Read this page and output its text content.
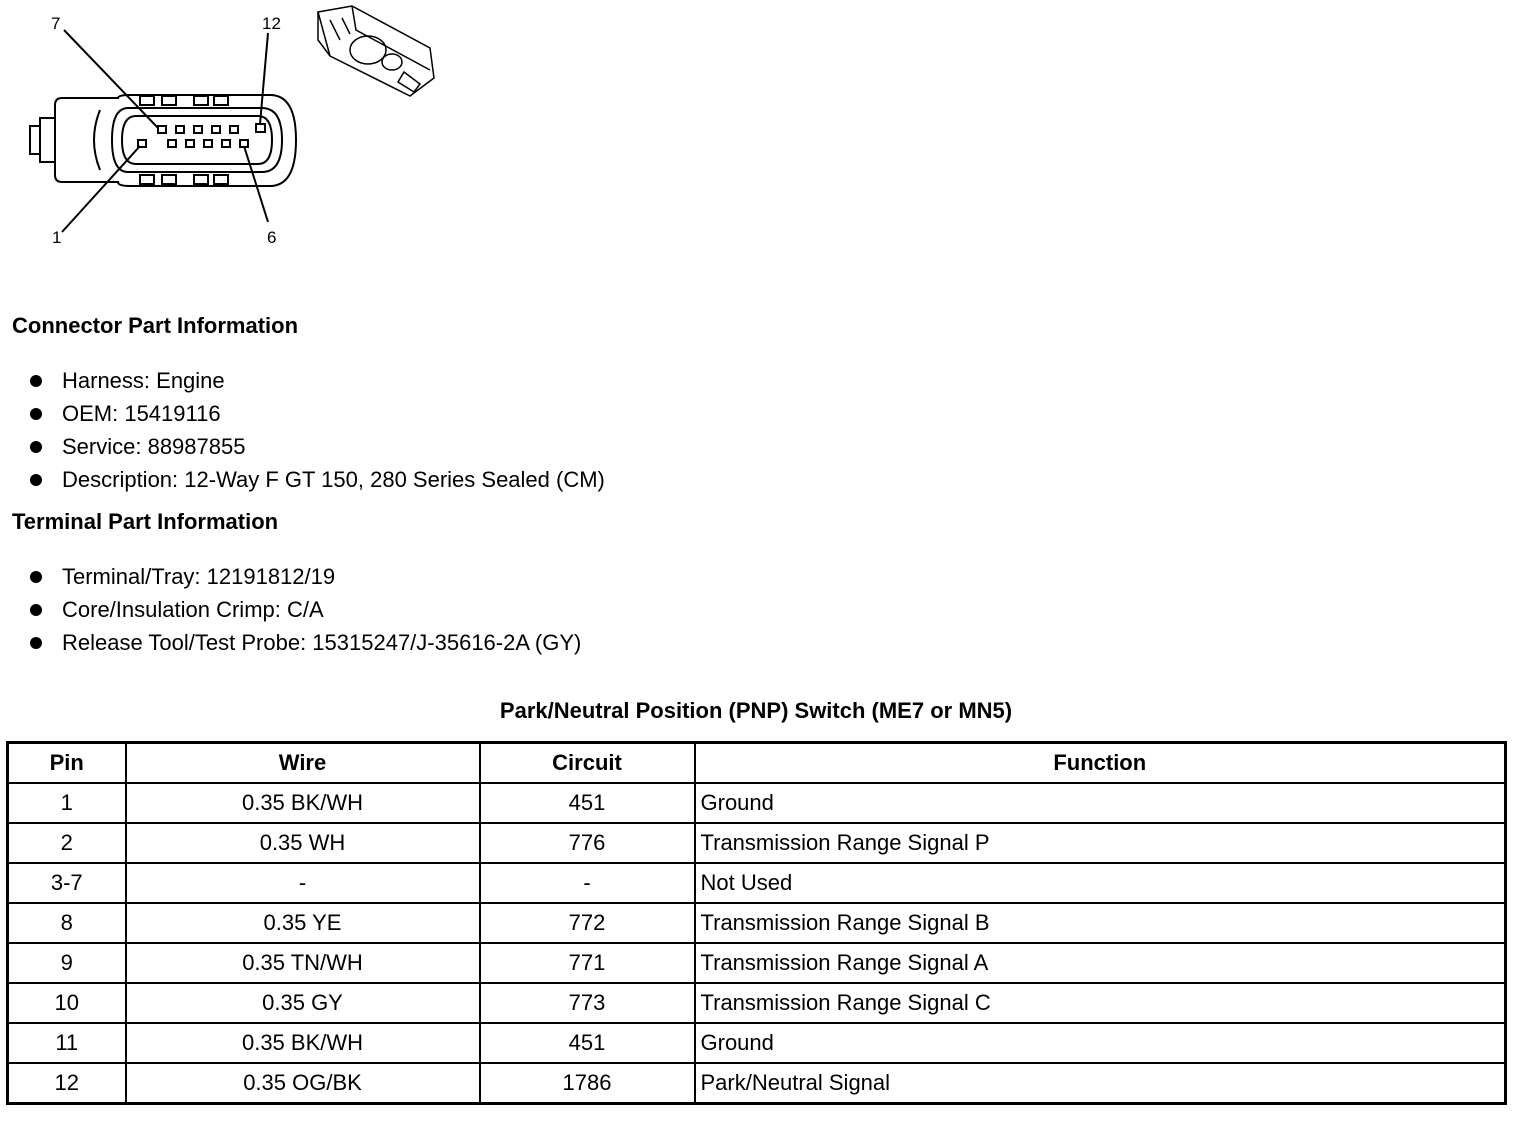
7	12
1	6
Connector Part Information
Harness: Engine
OEM: 15419116
Service: 88987855
Description: 12-Way F GT 150, 280 Series Sealed (CM)
Terminal Part Information
Terminal/Tray: 12191812/19
Core/Insulation Crimp: C/A
Release Tool/Test Probe: 15315247/J-35616-2A (GY)
Park/Neutral Position (PNP) Switch (ME7 or MN5)
Pin	Wire	Circuit	Function
1	0.35 BK/WH	451	Ground
2	0.35 WH	776	Transmission Range Signal P
3-7	-	-	Not Used
8	0.35 YE	772	Transmission Range Signal B
9	0.35 TN/WH	771	Transmission Range Signal A
10	0.35 GY	773	Transmission Range Signal C
11	0.35 BK/WH	451	Ground
12	0.35 OG/BK	1786	Park/Neutral Signal
